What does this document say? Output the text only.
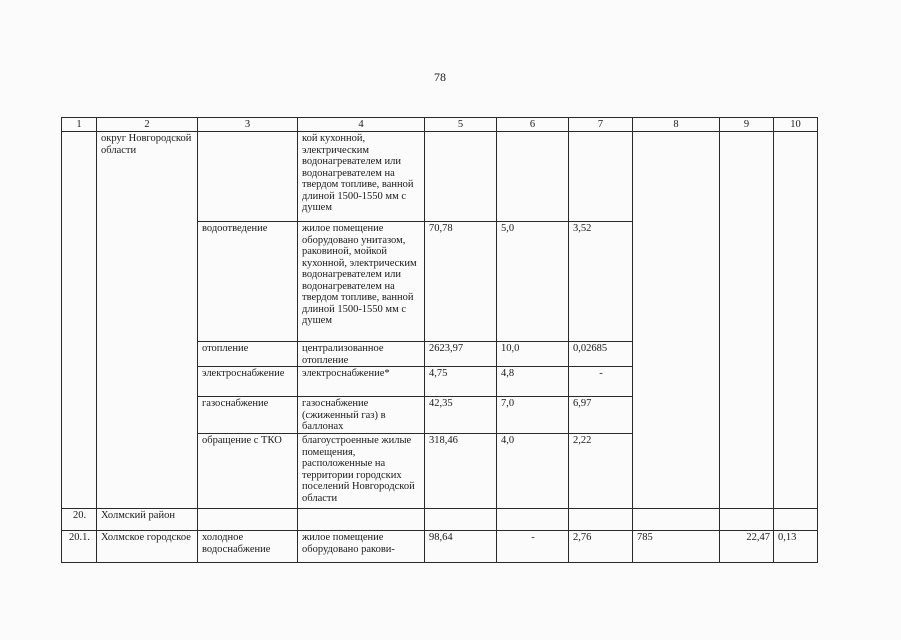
78
1	2	3	4	5	6	7	8	9	10
	округ Новгородской области		кой кухонной, электрическим водонагревателем или водонагревателем на твердом топливе, ванной длиной 1500-1550 мм с душем						
		водоотведение	жилое помещение оборудовано унитазом, раковиной, мойкой кухонной, электрическим водонагревателем или водонагревателем на твердом топливе, ванной длиной 1500-1550 мм с душем	70,78	5,0	3,52			
		отопление	централизованное отопление	2623,97	10,0	0,02685			
		электроснабжение	электроснабжение*	4,75	4,8	-			
		газоснабжение	газоснабжение (сжиженный газ) в баллонах	42,35	7,0	6,97			
		обращение с ТКО	благоустроенные жилые помещения, расположенные на территории городских поселений Новгородской области	318,46	4,0	2,22			
20.	Холмский район								
20.1.	Холмское городское	холодное водоснабжение	жилое помещение оборудовано ракови-	98,64	-	2,76	785	22,47	0,13
